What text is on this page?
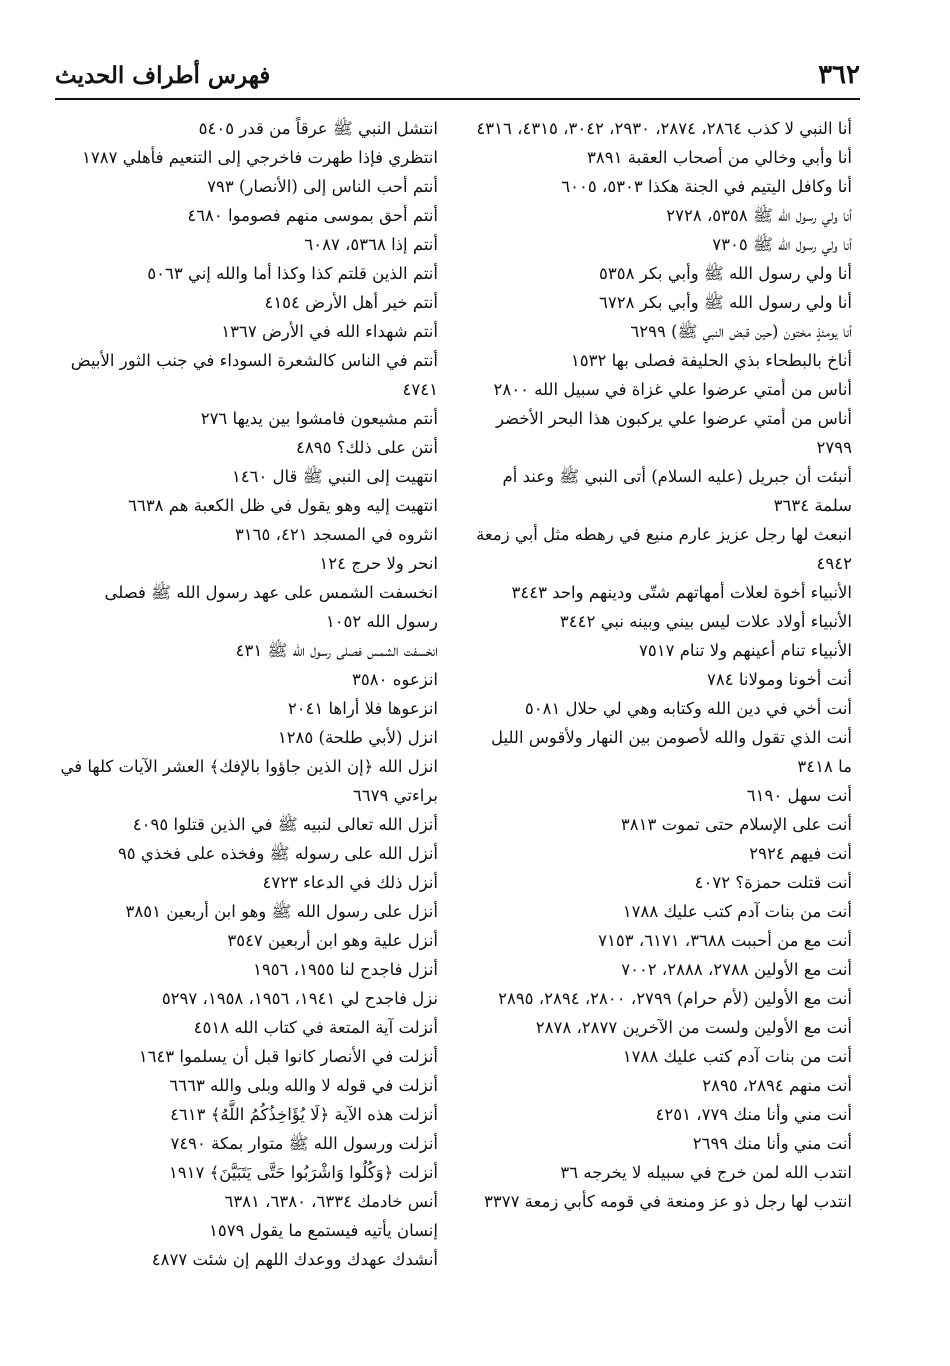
٣٦٢
فهرس أطراف الحديث
أنا النبي لا كذب ٢٨٦٤، ٢٨٧٤، ٢٩٣٠، ٣٠٤٢، ٤٣١٥، ٤٣١٦
أنا وأبي وخالي من أصحاب العقبة ٣٨٩١
أنا وكافل اليتيم في الجنة هكذا ٥٣٠٣، ٦٠٠٥
أنا ولي رسول الله ﷺ ٥٣٥٨، ٢٧٢٨
أنا ولي رسول الله ﷺ ٧٣٠٥
أنا ولي رسول الله ﷺ وأبي بكر ٥٣٥٨
أنا ولي رسول الله ﷺ وأبي بكر ٦٧٢٨
أنا يومئذٍ مختون (حين قبض النبي ﷺ) ٦٢٩٩
أناخ بالبطحاء بذي الحليفة فصلى بها ١٥٣٢
أناس من أمتي عرضوا علي غزاة في سبيل الله ٢٨٠٠
أناس من أمتي عرضوا علي يركبون هذا البحر الأخضر ٢٧٩٩
أنبئت أن جبريل (عليه السلام) أتى النبي ﷺ وعند أم سلمة ٣٦٣٤
انبعث لها رجل عزيز عارم منيع في رهطه مثل أبي زمعة ٤٩٤٢
الأنبياء أخوة لعلات أمهاتهم شتّى ودينهم واحد ٣٤٤٣
الأنبياء أولاد علات ليس بيني وبينه نبي ٣٤٤٢
الأنبياء تنام أعينهم ولا تنام ٧٥١٧
أنت أخونا ومولانا ٧٨٤
أنت أخي في دين الله وكتابه وهي لي حلال ٥٠٨١
أنت الذي تقول والله لأصومن بين النهار ولأقوس الليل ما ٣٤١٨
أنت سهل ٦١٩٠
أنت على الإسلام حتى تموت ٣٨١٣
أنت فيهم ٢٩٢٤
أنت قتلت حمزة؟ ٤٠٧٢
أنت من بنات آدم كتب عليك ١٧٨٨
أنت مع من أحببت ٣٦٨٨، ٦١٧١، ٧١٥٣
أنت مع الأولين ٢٧٨٨، ٢٨٨٨، ٧٠٠٢
أنت مع الأولين (لأم حرام) ٢٧٩٩، ٢٨٠٠، ٢٨٩٤، ٢٨٩٥
أنت مع الأولين ولست من الآخرين ٢٨٧٧، ٢٨٧٨
أنت من بنات آدم كتب عليك ١٧٨٨
أنت منهم ٢٨٩٤، ٢٨٩٥
أنت مني وأنا منك ٧٧٩، ٤٢٥١
أنت مني وأنا منك ٢٦٩٩
انتدب الله لمن خرج في سبيله لا يخرجه ٣٦
انتدب لها رجل ذو عز ومنعة في قومه كأبي زمعة ٣٣٧٧
انتشل النبي ﷺ عرقاً من قدر ٥٤٠٥
انتظري فإذا طهرت فاخرجي إلى التنعيم فأهلي ١٧٨٧
أنتم أحب الناس إلى (الأنصار) ٧٩٣
أنتم أحق بموسى منهم فصوموا ٤٦٨٠
أنتم إذا ٥٣٦٨، ٦٠٨٧
أنتم الذين قلتم كذا وكذا أما والله إني ٥٠٦٣
أنتم خير أهل الأرض ٤١٥٤
أنتم شهداء الله في الأرض ١٣٦٧
أنتم في الناس كالشعرة السوداء في جنب الثور الأبيض ٤٧٤١
أنتم مشيعون فامشوا بين يديها ٢٧٦
أنتن على ذلك؟ ٤٨٩٥
انتهيت إلى النبي ﷺ قال ١٤٦٠
انتهيت إليه وهو يقول في ظل الكعبة هم ٦٦٣٨
انثروه في المسجد ٤٢١، ٣١٦٥
انحر ولا حرج ١٢٤
انخسفت الشمس على عهد رسول الله ﷺ فصلى رسول الله ١٠٥٢
انخسفت الشمس فصلى رسول الله ﷺ ٤٣١
انزعوه ٣٥٨٠
انزعوها فلا أراها ٢٠٤١
انزل (لأبي طلحة) ١٢٨٥
انزل الله ﴿إن الذين جاؤوا بالإفك﴾ العشر الآيات كلها في براءتي ٦٦٧٩
أنزل الله تعالى لنبيه ﷺ في الذين قتلوا ٤٠٩٥
أنزل الله على رسوله ﷺ وفخذه على فخذي ٩٥
أنزل ذلك في الدعاء ٤٧٢٣
أنزل على رسول الله ﷺ وهو ابن أربعين ٣٨٥١
أنزل علية وهو ابن أربعين ٣٥٤٧
أنزل فاجدح لنا ١٩٥٥، ١٩٥٦
نزل فاجدح لي ١٩٤١، ١٩٥٦، ١٩٥٨، ٥٢٩٧
أنزلت آية المتعة في كتاب الله ٤٥١٨
أنزلت في الأنصار كانوا قبل أن يسلموا ١٦٤٣
أنزلت في قوله لا والله وبلى والله ٦٦٦٣
أنزلت هذه الآية ﴿لَا يُؤَاخِذُكُمُ اللَّهُ﴾ ٤٦١٣
أنزلت ورسول الله ﷺ متوار بمكة ٧٤٩٠
أنزلت ﴿وَكُلُوا وَاشْرَبُوا حَتَّى يَتَبَيَّنَ﴾ ١٩١٧
أنس خادمك ٦٣٣٤، ٦٣٨٠، ٦٣٨١
إنسان يأتيه فيستمع ما يقول ١٥٧٩
أنشدك عهدك ووعدك اللهم إن شئت ٤٨٧٧
